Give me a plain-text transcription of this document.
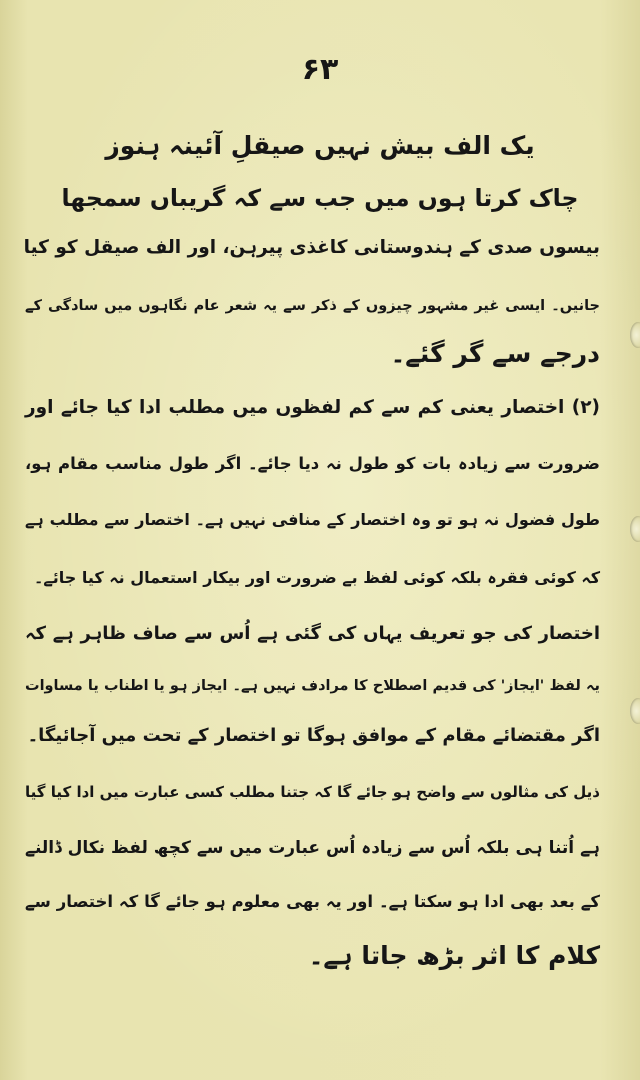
۶۳
یک الف بیش نہیں صیقلِ آئینہ ہنوز
چاک کرتا ہوں میں جب سے کہ گریباں سمجھا
بیسوں صدی کے ہندوستانی کاغذی پیرہن، اور الف صیقل کو کیا
جانیں۔ ایسی غیر مشہور چیزوں کے ذکر سے یہ شعر عام نگاہوں میں سادگی کے
درجے سے گر گئے۔
(۲) اختصار یعنی کم سے کم لفظوں میں مطلب ادا کیا جائے اور
ضرورت سے زیادہ بات کو طول نہ دیا جائے۔ اگر طول مناسب مقام ہو،
طول فضول نہ ہو تو وہ اختصار کے منافی نہیں ہے۔ اختصار سے مطلب ہے
کہ کوئی فقرہ بلکہ کوئی لفظ بے ضرورت اور بیکار استعمال نہ کیا جائے۔
اختصار کی جو تعریف یہاں کی گئی ہے اُس سے صاف ظاہر ہے کہ
یہ لفظ 'ایجاز' کی قدیم اصطلاح کا مرادف نہیں ہے۔ ایجاز ہو یا اطناب یا مساوات
اگر مقتضائے مقام کے موافق ہوگا تو اختصار کے تحت میں آجائیگا۔
ذیل کی مثالوں سے واضح ہو جائے گا کہ جتنا مطلب کسی عبارت میں ادا کیا گیا
ہے اُتنا ہی بلکہ اُس سے زیادہ اُس عبارت میں سے کچھ لفظ نکال ڈالنے
کے بعد بھی ادا ہو سکتا ہے۔ اور یہ بھی معلوم ہو جائے گا کہ اختصار سے
کلام کا اثر بڑھ جاتا ہے۔
